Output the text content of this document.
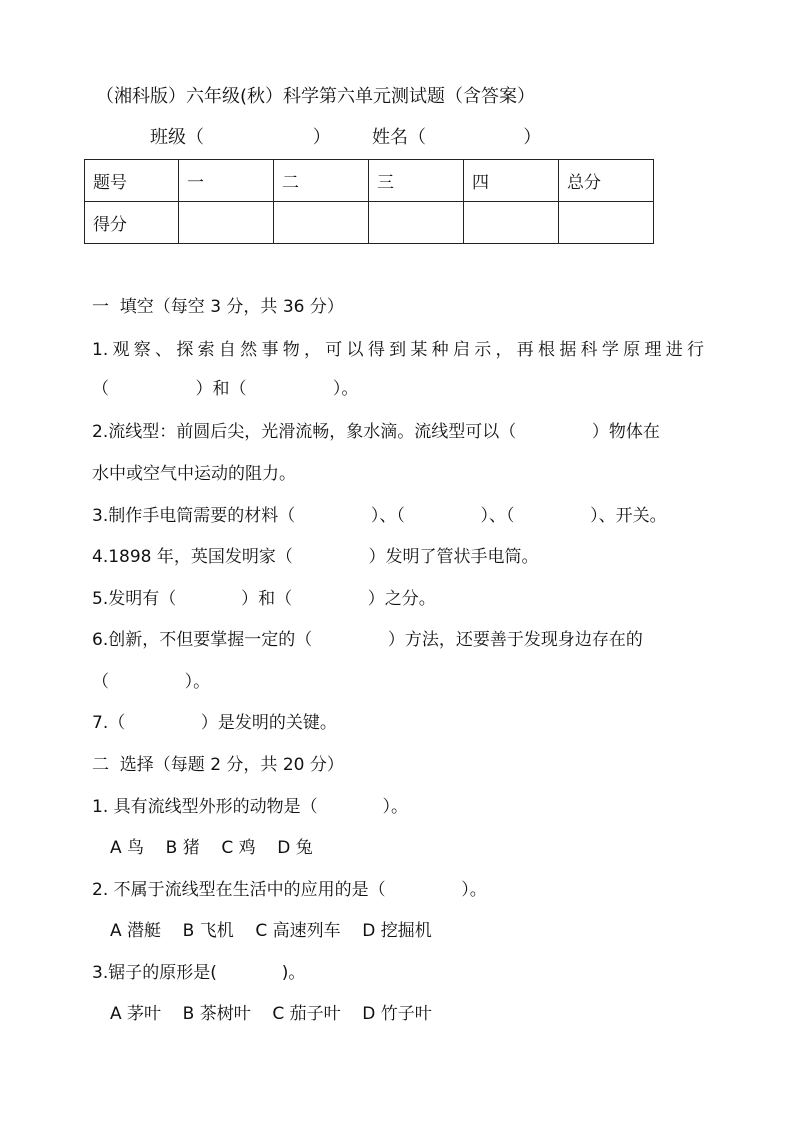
（湘科版）六年级(秋）科学第六单元测试题（含答案）
班级（                   ） 姓名（                 ）
题号	一	二	三	四	总分
得分					
一  填空（每空 3 分，共 36 分）
1.观察、探索自然事物，可以得到某种启示，再根据科学原理进行
（                ）和（                ）。
2.流线型：前圆后尖，光滑流畅，象水滴。流线型可以（              ）物体在
水中或空气中运动的阻力。
3.制作手电筒需要的材料（              ）、（              ）、（              ）、开关。
4.1898 年，英国发明家（              ）发明了管状手电筒。
5.发明有（            ）和（              ）之分。
6.创新，不但要掌握一定的（              ）方法，还要善于发现身边存在的
（              ）。
7.（              ）是发明的关键。
二  选择（每题 2 分，共 20 分）
1. 具有流线型外形的动物是（            ）。
A 鸟    B 猪    C 鸡    D 兔
2. 不属于流线型在生活中的应用的是（              ）。
A 潜艇    B 飞机    C 高速列车    D 挖掘机
3.锯子的原形是(            )。
A 茅叶    B 茶树叶    C 茄子叶    D 竹子叶
